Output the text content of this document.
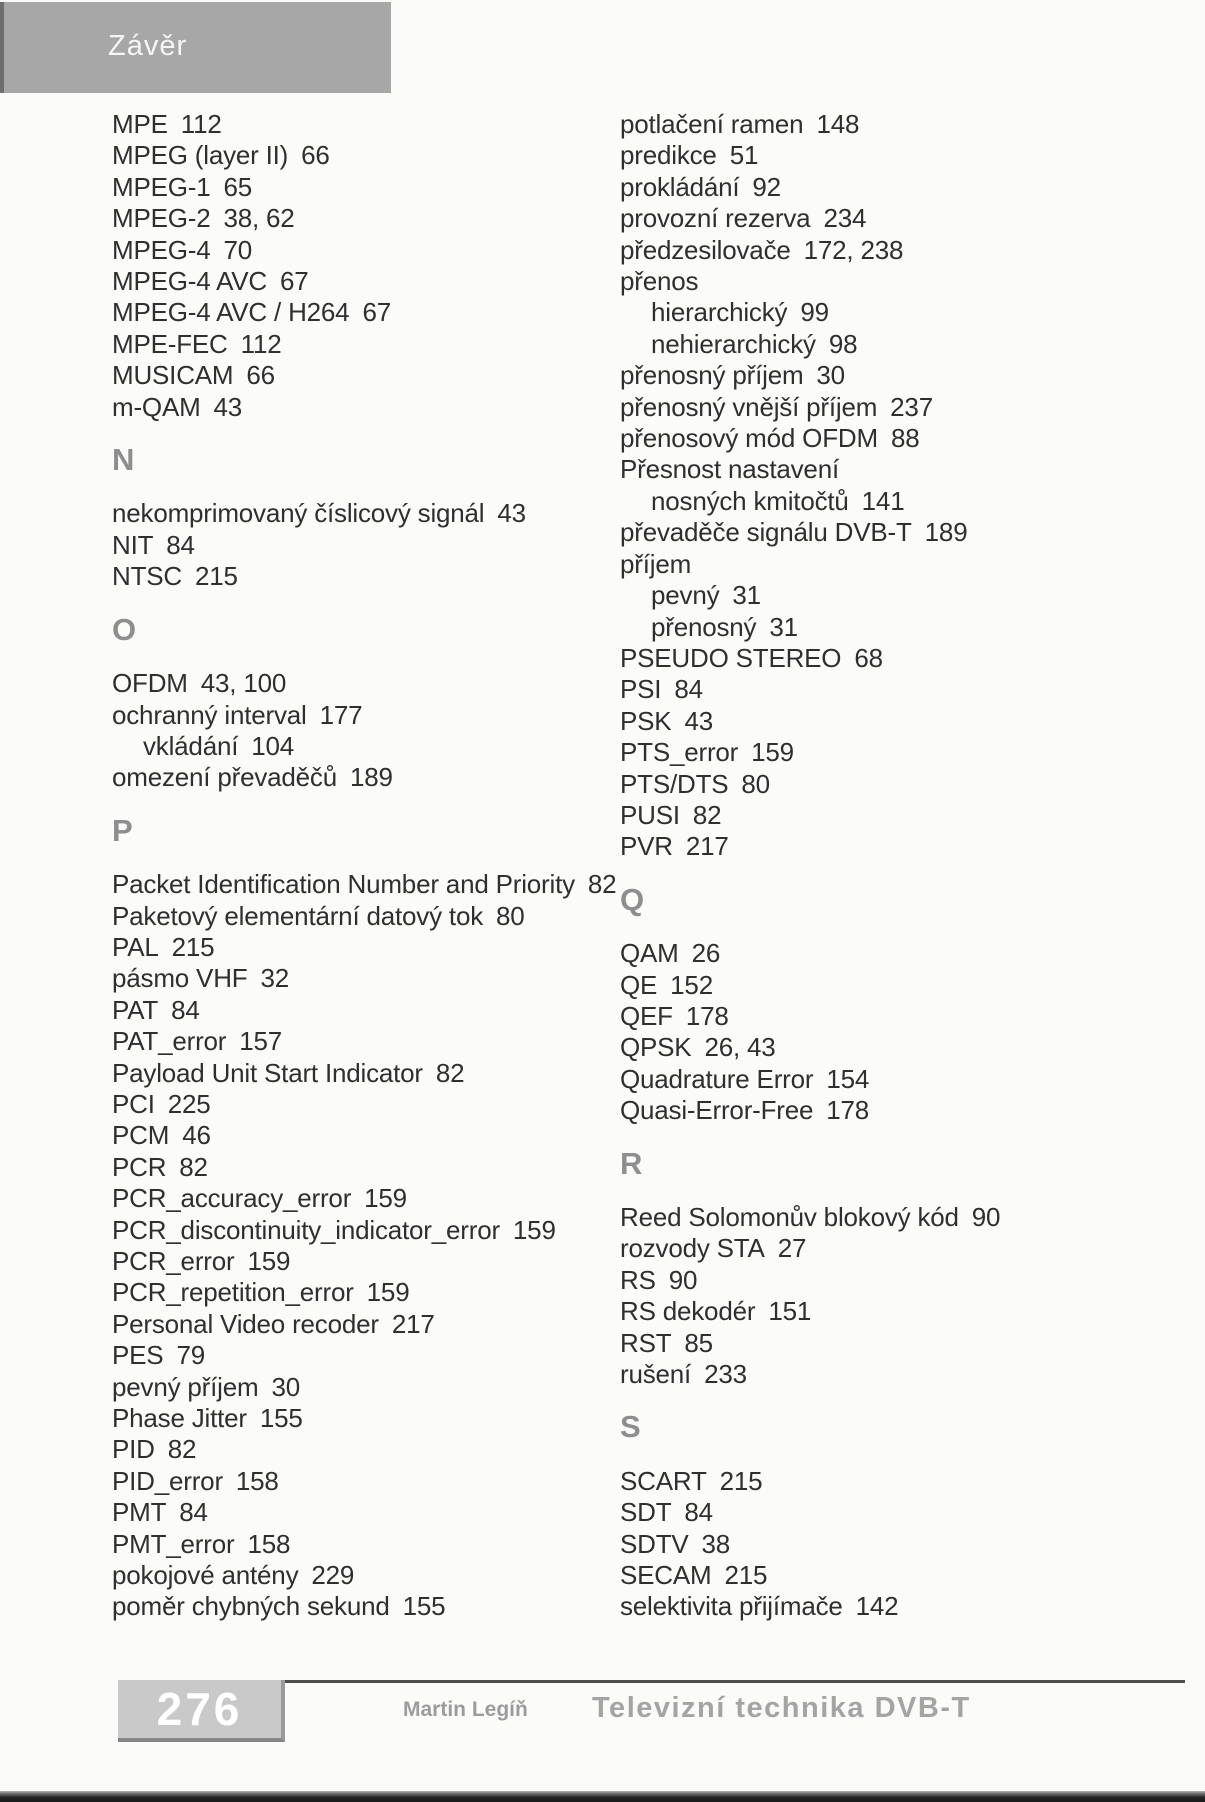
Závěr
MPE 112
MPEG (layer II) 66
MPEG-1 65
MPEG-2 38, 62
MPEG-4 70
MPEG-4 AVC 67
MPEG-4 AVC / H264 67
MPE-FEC 112
MUSICAM 66
m-QAM 43
N
nekomprimovaný číslicový signál 43
NIT 84
NTSC 215
O
OFDM 43, 100
ochranný interval 177
vkládání 104
omezení převaděčů 189
P
Packet Identification Number and Priority 82
Paketový elementární datový tok 80
PAL 215
pásmo VHF 32
PAT 84
PAT_error 157
Payload Unit Start Indicator 82
PCI 225
PCM 46
PCR 82
PCR_accuracy_error 159
PCR_discontinuity_indicator_error 159
PCR_error 159
PCR_repetition_error 159
Personal Video recoder 217
PES 79
pevný příjem 30
Phase Jitter 155
PID 82
PID_error 158
PMT 84
PMT_error 158
pokojové antény 229
poměr chybných sekund 155
potlačení ramen 148
predikce 51
prokládání 92
provozní rezerva 234
předzesilovače 172, 238
přenos
hierarchický 99
nehierarchický 98
přenosný příjem 30
přenosný vnější příjem 237
přenosový mód OFDM 88
Přesnost nastavení
nosných kmitočtů 141
převaděče signálu DVB-T 189
příjem
pevný 31
přenosný 31
PSEUDO STEREO 68
PSI 84
PSK 43
PTS_error 159
PTS/DTS 80
PUSI 82
PVR 217
Q
QAM 26
QE 152
QEF 178
QPSK 26, 43
Quadrature Error 154
Quasi-Error-Free 178
R
Reed Solomonův blokový kód 90
rozvody STA 27
RS 90
RS dekodér 151
RST 85
rušení 233
S
SCART 215
SDT 84
SDTV 38
SECAM 215
selektivita přijímače 142
276	Martin Legíň Televizní technika DVB-T
